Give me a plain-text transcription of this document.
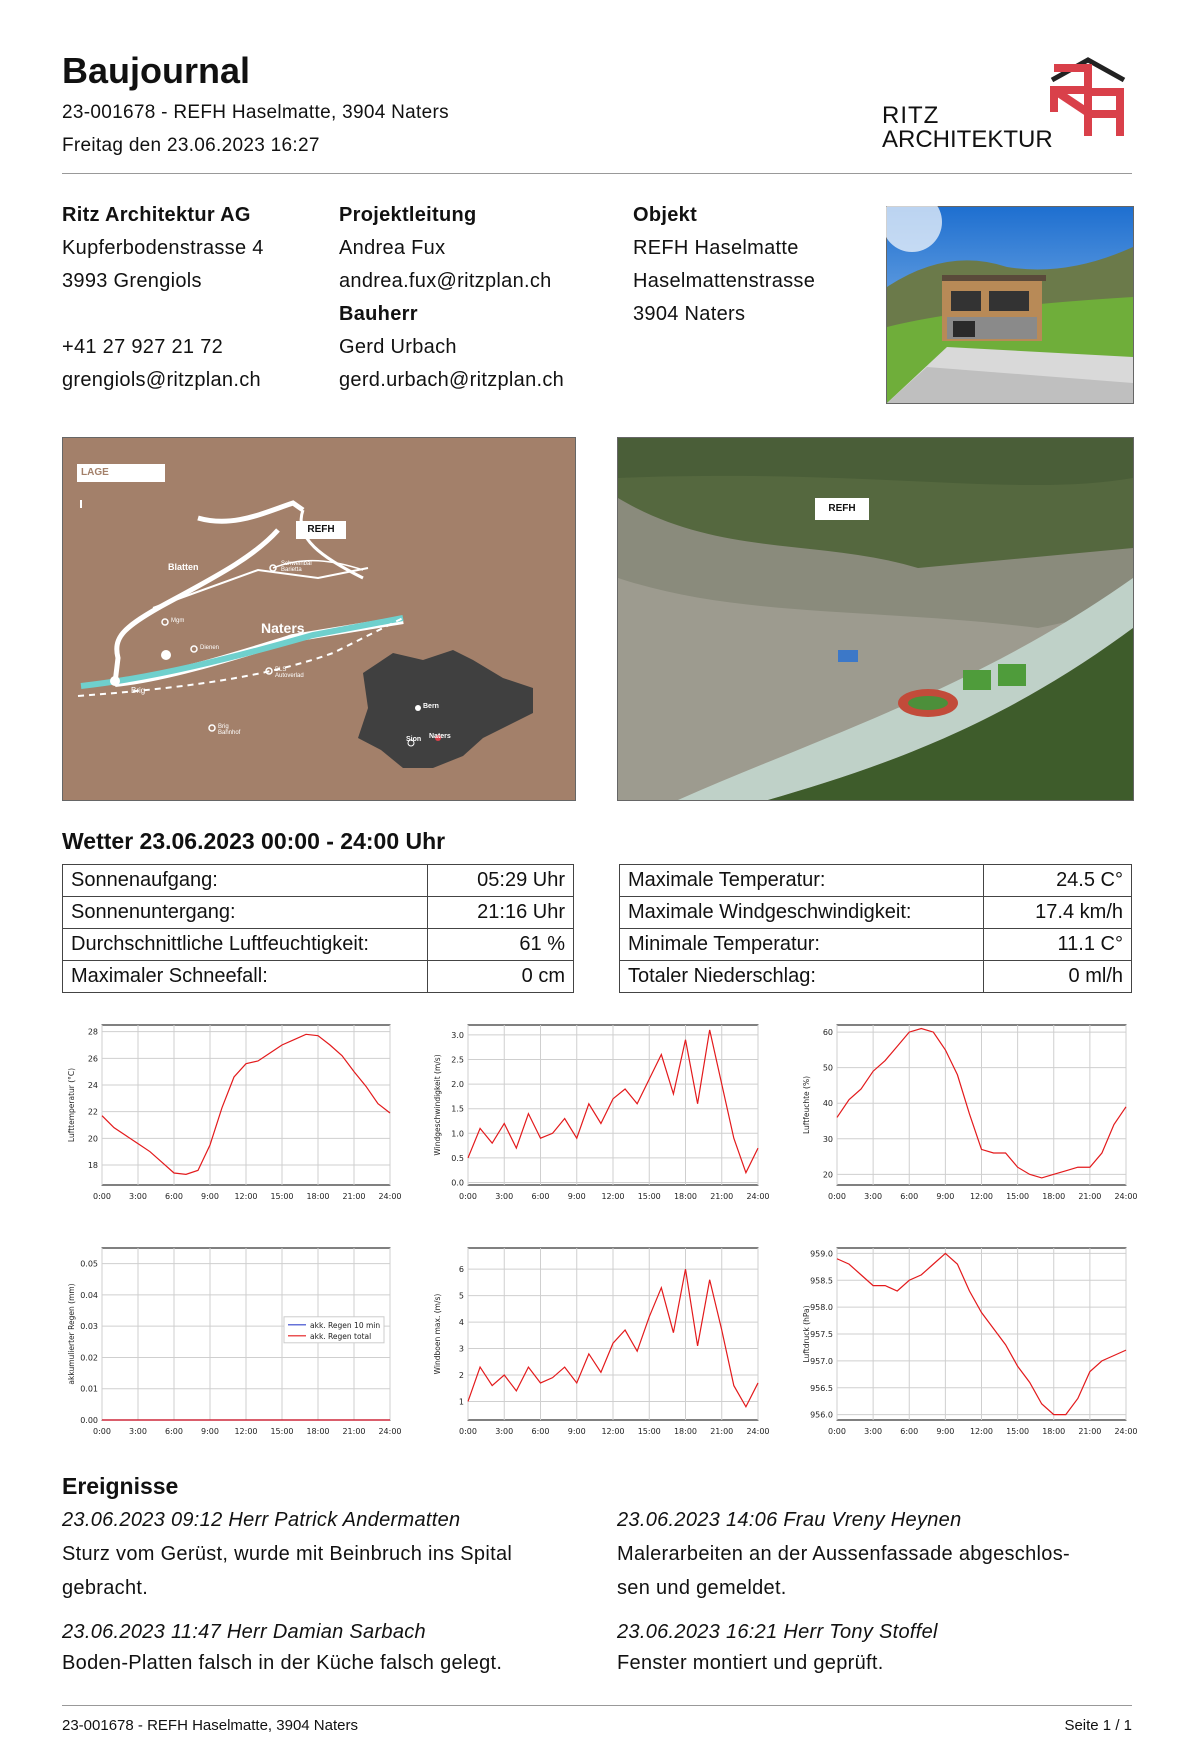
Baujournal
23-001678 - REFH Haselmatte, 3904 Naters
Freitag den 23.06.2023 16:27
RITZ
ARCHITEKTUR
Ritz Architektur AG
Kupferbodenstrasse 4
3993 Grengiols
+41 27 927 21 72
grengiols@ritzplan.ch
Projektleitung
Andrea Fux
andrea.fux@ritzplan.ch
Bauherr
Gerd Urbach
gerd.urbach@ritzplan.ch
Objekt
REFH Haselmatte
Haselmattenstrasse
3904 Naters
LAGE
REFH
Blatten
Naters
Brig
Mgm
Dienen
Schweinbal Barietta
BLS Autoverlad
Brig Bahnhof
Bern
Sion Naters
REFH
Wetter 23.06.2023 00:00 - 24:00 Uhr
Sonnenaufgang:	05:29 Uhr
Sonnenuntergang:	21:16 Uhr
Durchschnittliche Luftfeuchtigkeit:	61 %
Maximaler Schneefall:	0 cm
Maximale Temperatur:	24.5 C°
Maximale Windgeschwindigkeit:	17.4 km/h
Minimale Temperatur:	11.1 C°
Totaler Niederschlag:	0 ml/h
0:00 3:00 6:00 9:00 12:00 15:00 18:00 21:00 24:00
18
20
22
24
26
28
Lufttemperatur (°C)
0:00 3:00 6:00 9:00 12:00 15:00 18:00 21:00 24:00
0.0
0.5
1.0
1.5
2.0
2.5
3.0
Windgeschwindigkeit (m/s)
0:00 3:00 6:00 9:00 12:00 15:00 18:00 21:00 24:00
20
30
40
50
60
Luftfeuchte (%)
0:00 3:00 6:00 9:00 12:00 15:00 18:00 21:00 24:00
0.00
0.01
0.02
0.03
0.04
0.05
akkumulierter Regen (mm)	akk. Regen 10 min
akk. Regen total
0:00 3:00 6:00 9:00 12:00 15:00 18:00 21:00 24:00
1
2
3
4
5
6
Windboen max. (m/s)
0:00 3:00 6:00 9:00 12:00 15:00 18:00 21:00 24:00
956.0
956.5
957.0
957.5
958.0
958.5
959.0
Luftdruck (hPa)
Ereignisse
23.06.2023 09:12 Herr Patrick Andermatten
Sturz vom Gerüst, wurde mit Beinbruch ins Spital
gebracht.
23.06.2023 14:06 Frau Vreny Heynen
Malerarbeiten an der Aussenfassade abgeschlos-
sen und gemeldet.
23.06.2023 11:47 Herr Damian Sarbach
Boden-Platten falsch in der Küche falsch gelegt.
23.06.2023 16:21 Herr Tony Stoffel
Fenster montiert und geprüft.
23-001678 - REFH Haselmatte, 3904 Naters	Seite 1 / 1
